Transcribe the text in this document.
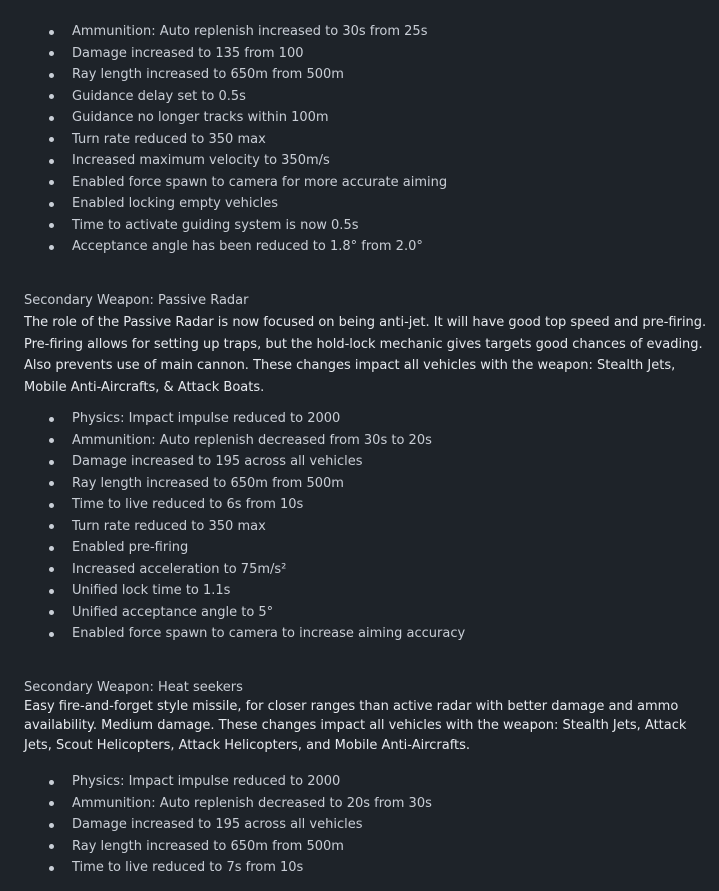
Ammunition: Auto replenish increased to 30s from 25s
Damage increased to 135 from 100
Ray length increased to 650m from 500m
Guidance delay set to 0.5s
Guidance no longer tracks within 100m
Turn rate reduced to 350 max
Increased maximum velocity to 350m/s
Enabled force spawn to camera for more accurate aiming
Enabled locking empty vehicles
Time to activate guiding system is now 0.5s
Acceptance angle has been reduced to 1.8° from 2.0°
Secondary Weapon: Passive Radar
The role of the Passive Radar is now focused on being anti-jet. It will have good top speed and pre-firing.
Pre-firing allows for setting up traps, but the hold-lock mechanic gives targets good chances of evading.
Also prevents use of main cannon. These changes impact all vehicles with the weapon: Stealth Jets,
Mobile Anti-Aircrafts, & Attack Boats.
Physics: Impact impulse reduced to 2000
Ammunition: Auto replenish decreased from 30s to 20s
Damage increased to 195 across all vehicles
Ray length increased to 650m from 500m
Time to live reduced to 6s from 10s
Turn rate reduced to 350 max
Enabled pre-firing
Increased acceleration to 75m/s²
Unified lock time to 1.1s
Unified acceptance angle to 5°
Enabled force spawn to camera to increase aiming accuracy
Secondary Weapon: Heat seekers
Easy fire-and-forget style missile, for closer ranges than active radar with better damage and ammo
availability. Medium damage. These changes impact all vehicles with the weapon: Stealth Jets, Attack
Jets, Scout Helicopters, Attack Helicopters, and Mobile Anti-Aircrafts.
Physics: Impact impulse reduced to 2000
Ammunition: Auto replenish decreased to 20s from 30s
Damage increased to 195 across all vehicles
Ray length increased to 650m from 500m
Time to live reduced to 7s from 10s
